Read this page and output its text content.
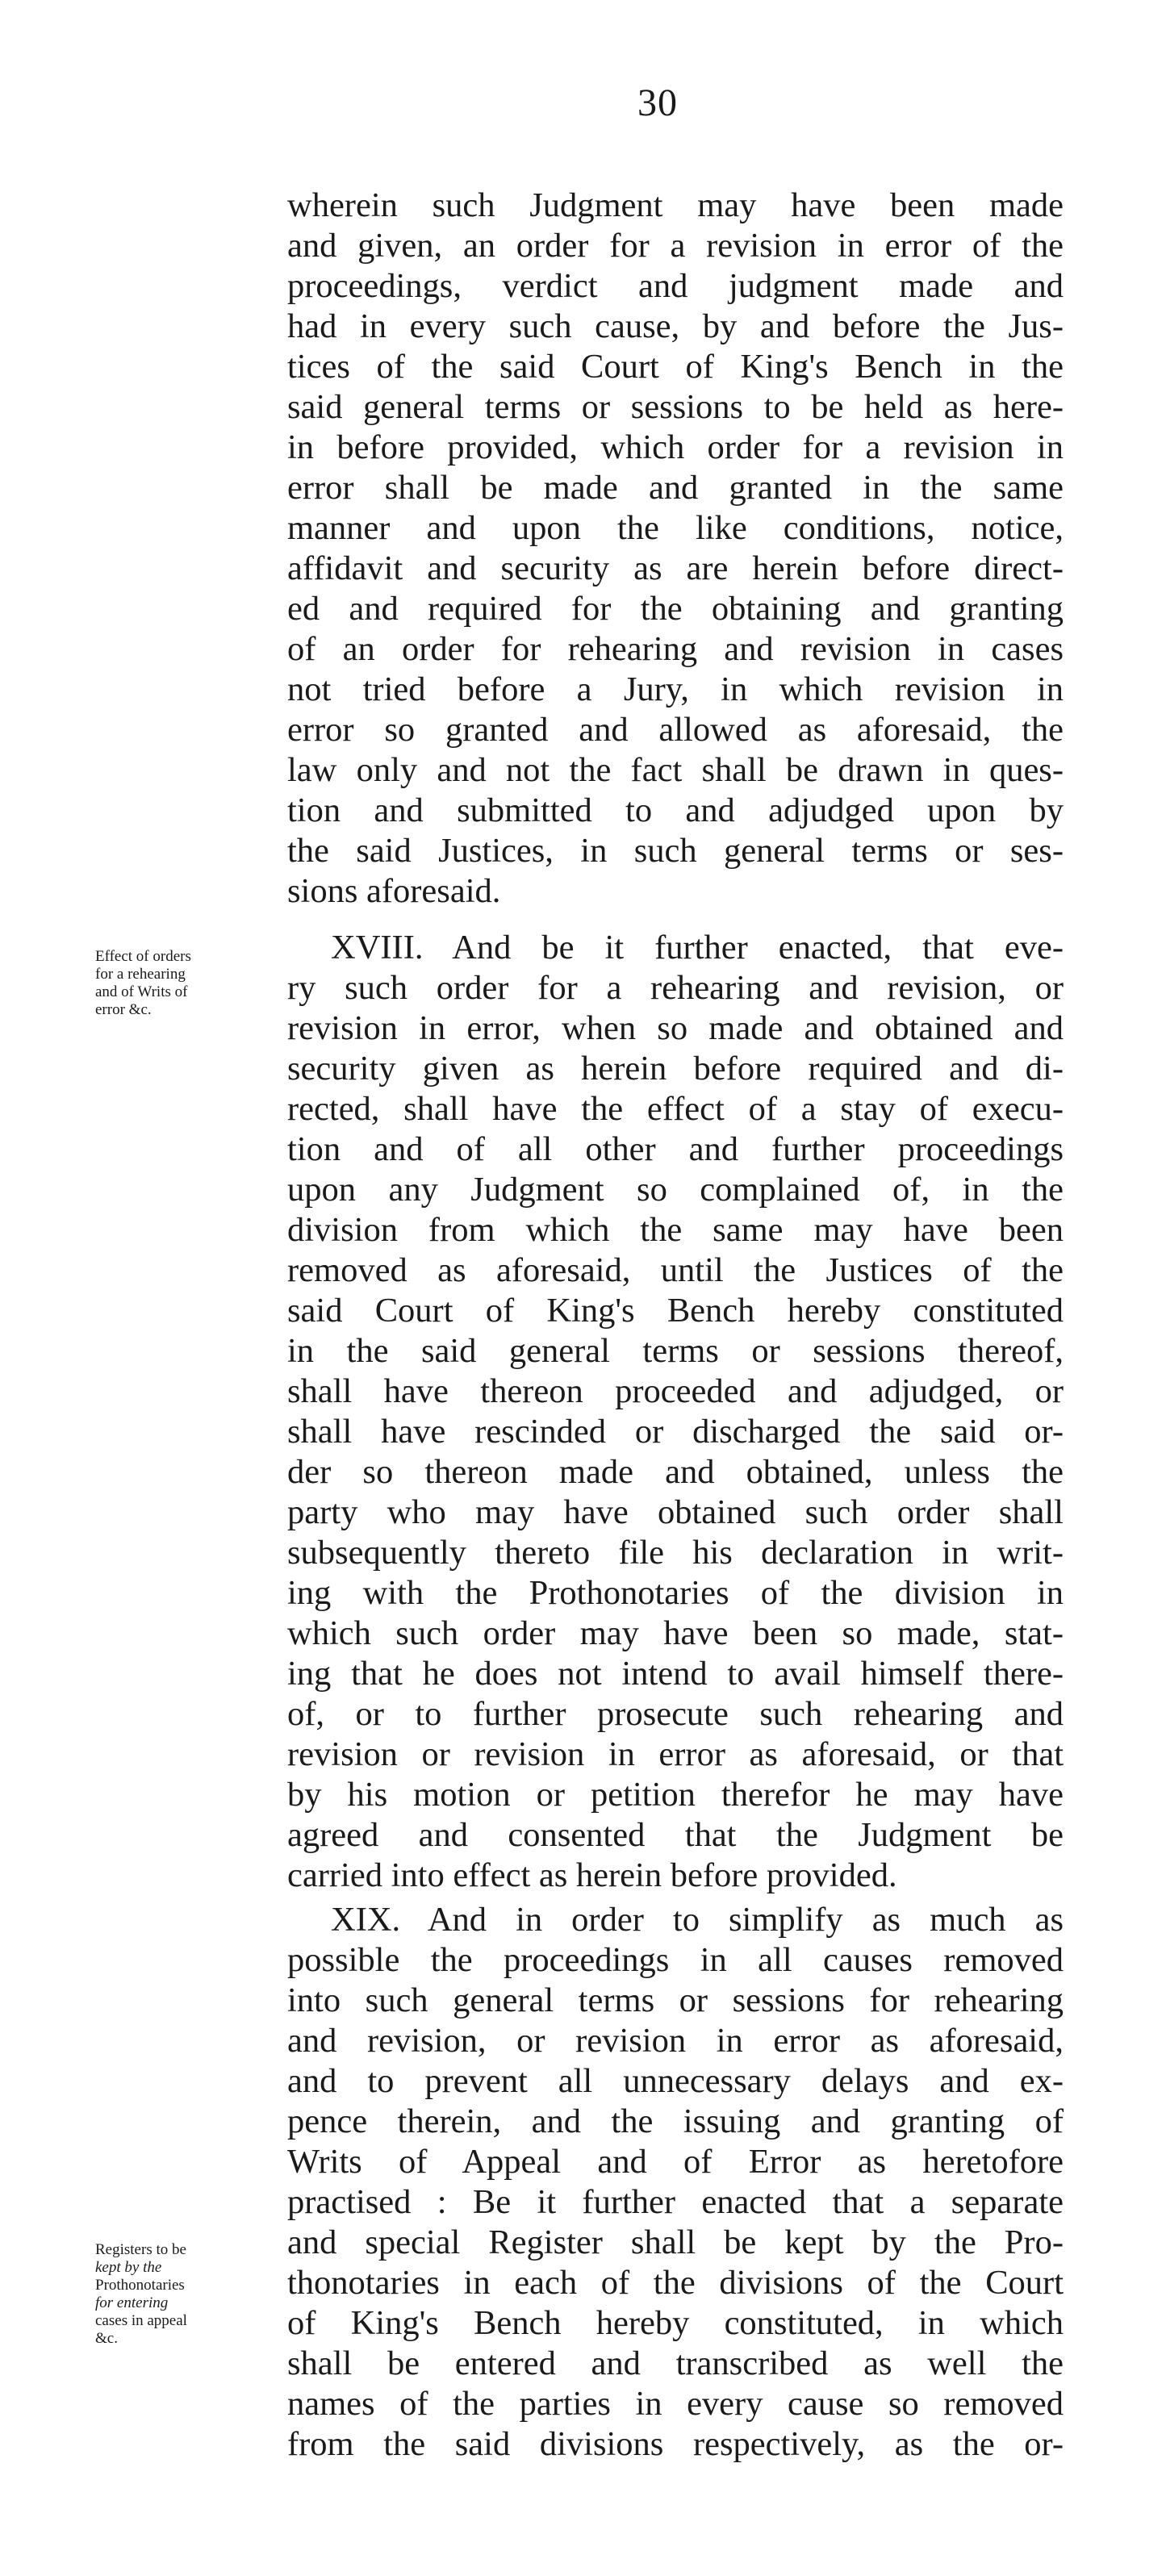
30
wherein such Judgment may have been made
and given, an order for a revision in error of the
proceedings, verdict and judgment made and
had in every such cause, by and before the Jus-
tices of the said Court of King's Bench in the
said general terms or sessions to be held as here-
in before provided, which order for a revision in
error shall be made and granted in the same
manner and upon the like conditions, notice,
affidavit and security as are herein before direct-
ed and required for the obtaining and granting
of an order for rehearing and revision in cases
not tried before a Jury, in which revision in
error so granted and allowed as aforesaid, the
law only and not the fact shall be drawn in ques-
tion and submitted to and adjudged upon by
the said Justices, in such general terms or ses-
sions aforesaid.
Effect of orders
for a rehearing
and of Writs of
error &c.
XVIII. And be it further enacted, that eve-
ry such order for a rehearing and revision, or
revision in error, when so made and obtained and
security given as herein before required and di-
rected, shall have the effect of a stay of execu-
tion and of all other and further proceedings
upon any Judgment so complained of, in the
division from which the same may have been
removed as aforesaid, until the Justices of the
said Court of King's Bench hereby constituted
in the said general terms or sessions thereof,
shall have thereon proceeded and adjudged, or
shall have rescinded or discharged the said or-
der so thereon made and obtained, unless the
party who may have obtained such order shall
subsequently thereto file his declaration in writ-
ing with the Prothonotaries of the division in
which such order may have been so made, stat-
ing that he does not intend to avail himself there-
of, or to further prosecute such rehearing and
revision or revision in error as aforesaid, or that
by his motion or petition therefor he may have
agreed and consented that the Judgment be
carried into effect as herein before provided.
XIX. And in order to simplify as much as
possible the proceedings in all causes removed
into such general terms or sessions for rehearing
and revision, or revision in error as aforesaid,
and to prevent all unnecessary delays and ex-
pence therein, and the issuing and granting of
Writs of Appeal and of Error as heretofore
practised : Be it further enacted that a separate
and special Register shall be kept by the Pro-
thonotaries in each of the divisions of the Court
of King's Bench hereby constituted, in which
shall be entered and transcribed as well the
names of the parties in every cause so removed
from the said divisions respectively, as the or-
Registers to be
kept by the
Prothonotaries
for entering
cases in appeal
&c.
